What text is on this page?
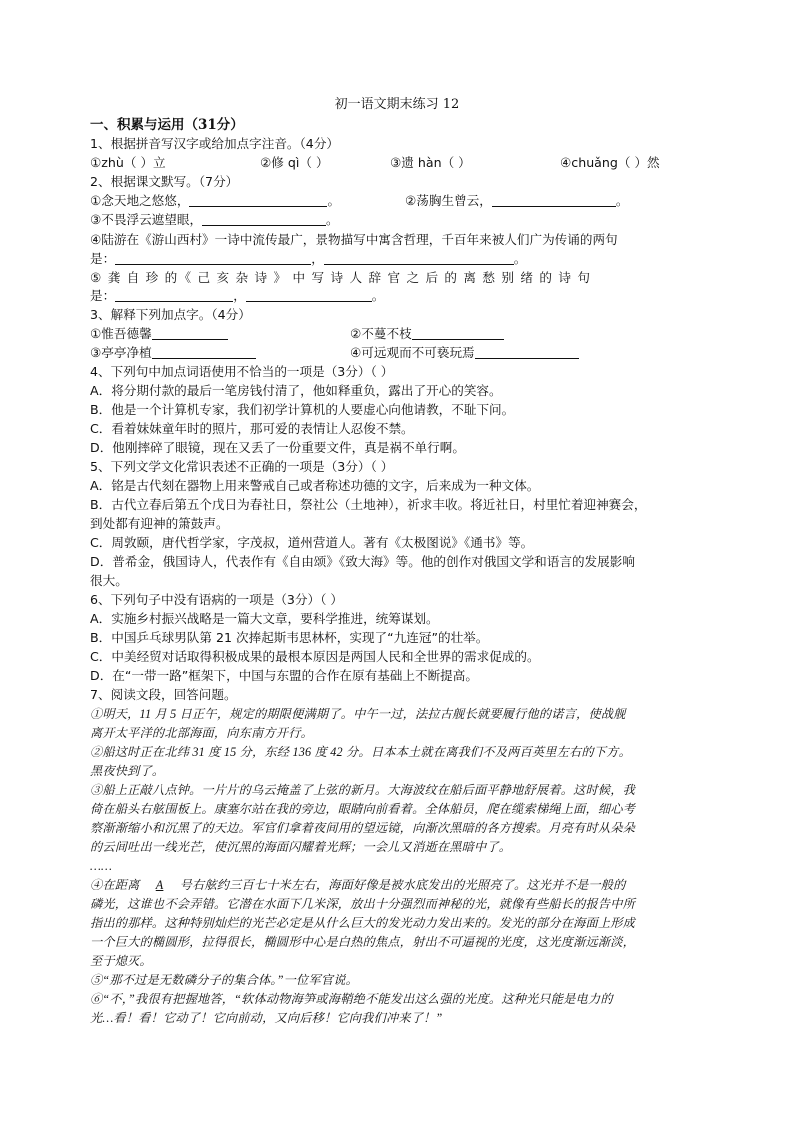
初一语文期末练习 12
一、积累与运用（31分）
1、根据拼音写汉字或给加点字注音。（4分）
①zhù（ ）立	②修 qì（ ）	③遗 hàn（ ）	④chuǎng（ ）然
2、根据课文默写。（7分）
①念天地之悠悠，	。	②荡胸生曾云，	。
③不畏浮云遮望眼，	。
④陆游在《游山西村》一诗中流传最广，景物描写中寓含哲理，千百年来被人们广为传诵的两句
是：	，	。
⑤ 龚 自 珍 的《 己 亥 杂 诗 》 中 写 诗 人 辞 官 之 后 的 离 愁 别 绪 的 诗 句
是：	，	。
3、解释下列加点字。（4分）
①惟吾德馨	②不蔓不枝
③亭亭净植	④可远观而不可亵玩焉
4、下列句中加点词语使用不恰当的一项是（3分）（ ）
A．将分期付款的最后一笔房钱付清了，他如释重负，露出了开心的笑容。
B．他是一个计算机专家，我们初学计算机的人要虚心向他请教，不耻下问。
C．看着妹妹童年时的照片，那可爱的表情让人忍俊不禁。
D．他刚摔碎了眼镜，现在又丢了一份重要文件，真是祸不单行啊。
5、下列文学文化常识表述不正确的一项是（3分）（ ）
A．铭是古代刻在器物上用来警戒自己或者称述功德的文字，后来成为一种文体。
B．古代立春后第五个戊日为春社日，祭社公（土地神），祈求丰收。将近社日，村里忙着迎神赛会，
到处都有迎神的箫鼓声。
C．周敦颐，唐代哲学家，字茂叔，道州营道人。著有《太极图说》《通书》等。
D．普希金，俄国诗人，代表作有《自由颂》《致大海》等。他的创作对俄国文学和语言的发展影响
很大。
6、下列句子中没有语病的一项是（3分）（ ）
A．实施乡村振兴战略是一篇大文章，要科学推进，统筹谋划。
B．中国乒乓球男队第 21 次捧起斯韦思林杯，实现了“九连冠”的壮举。
C．中美经贸对话取得积极成果的最根本原因是两国人民和全世界的需求促成的。
D．在“一带一路”框架下，中国与东盟的合作在原有基础上不断提高。
7、阅读文段，回答问题。
①明天，11 月 5 日正午，规定的期限便满期了。中午一过，法拉古舰长就要履行他的诺言，使战舰
离开太平洋的北部海面，向东南方开行。
②船这时正在北纬 31 度 15 分，东经 136 度 42 分。日本本土就在离我们不及两百英里左右的下方。
黑夜快到了。
③船上正敲八点钟。一片片的乌云掩盖了上弦的新月。大海波纹在船后面平静地舒展着。这时候，我
倚在船头右舷围板上。康塞尔站在我的旁边，眼睛向前看着。全体船员，爬在缆索梯绳上面，细心考
察渐渐缩小和沉黑了的天边。军官们拿着夜间用的望远镜，向渐次黑暗的各方搜索。月亮有时从朵朵
的云间吐出一线光芒，使沉黑的海面闪耀着光辉；一会儿又消逝在黑暗中了。
……
④在距离 A 号右舷约三百七十米左右，海面好像是被水底发出的光照亮了。这光并不是一般的
磷光，这谁也不会弄错。它潜在水面下几米深，放出十分强烈而神秘的光，就像有些船长的报告中所
指出的那样。这种特别灿烂的光芒必定是从什么巨大的发光动力发出来的。发光的部分在海面上形成
一个巨大的椭圆形，拉得很长，椭圆形中心是白热的焦点，射出不可逼视的光度，这光度渐远渐淡，
至于熄灭。
⑤“那不过是无数磷分子的集合体。”一位军官说。
⑥“不，”我很有把握地答，“软体动物海笋或海鞘绝不能发出这么强的光度。这种光只能是电力的
光…看！看！它动了！它向前动，又向后移！它向我们冲来了！”
